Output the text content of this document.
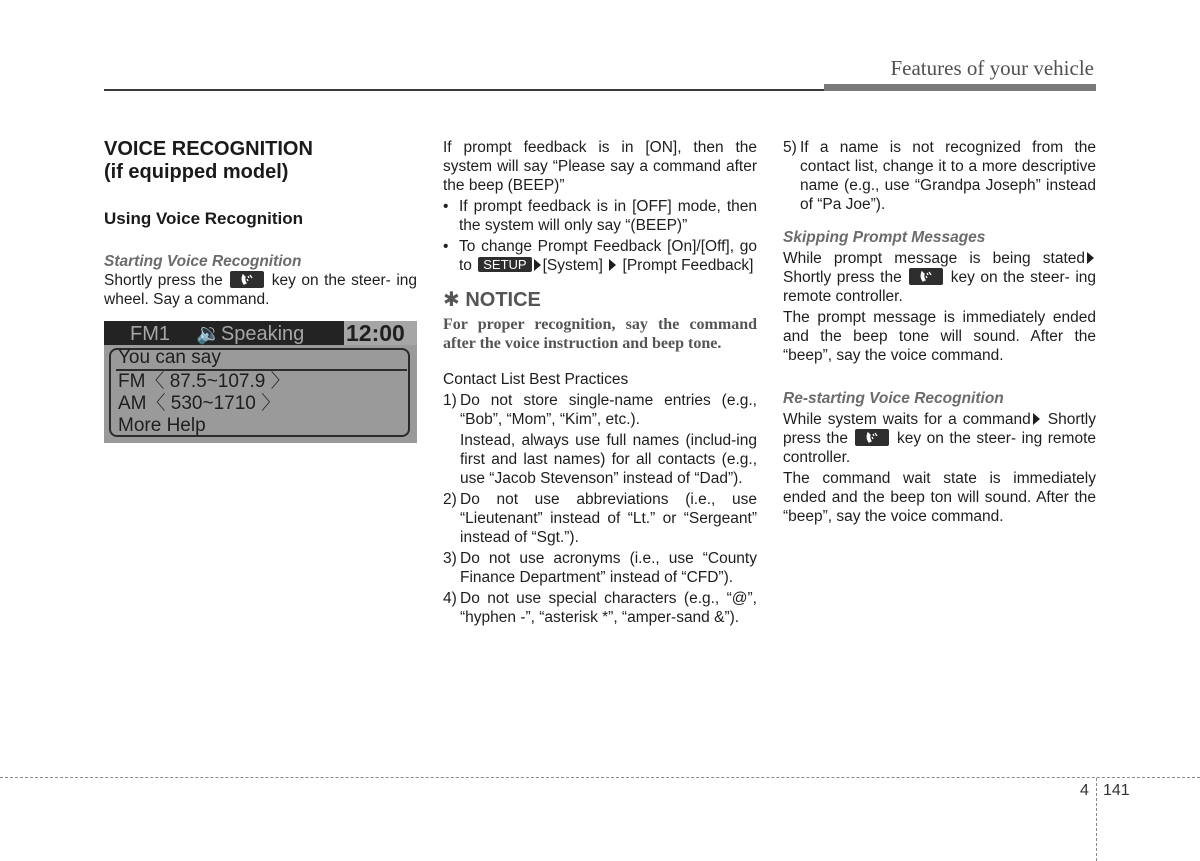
Features of your vehicle
VOICE RECOGNITION
(if equipped model)
Using Voice Recognition
Starting Voice Recognition

Shortly press the	key on the steer- ing wheel. Say a command.

FM1 🔉Speaking 12:00
You can say
FM〈 87.5~107.9 〉
AM〈 530~1710 〉
More Help

If prompt feedback is in [ON], then the system will say “Please say a command after the beep (BEEP)”

• If prompt feedback is in [OFF] mode, then the system will only say “(BEEP)”
• To change Prompt Feedback [On]/[Off], go to SETUP [System] [Prompt Feedback]
✱ NOTICE
For proper recognition, say the command after the voice instruction and beep tone.
Contact List Best Practices
1) Do not store single-name entries (e.g., “Bob”, “Mom”, “Kim”, etc.).
Instead, always use full names (includ-ing first and last names) for all contacts (e.g., use “Jacob Stevenson” instead of “Dad”).
2) Do not use abbreviations (i.e., use “Lieutenant” instead of “Lt.” or “Sergeant” instead of “Sgt.”).
3) Do not use acronyms (i.e., use “County Finance Department” instead of “CFD”).
4) Do not use special characters (e.g., “@”, “hyphen -”, “asterisk *”, “amper-sand &”).
5) If a name is not recognized from the contact list, change it to a more descriptive name (e.g., use “Grandpa Joseph” instead of “Pa Joe”).
Skipping Prompt Messages

While prompt message is being stated Shortly press the	key on the steer- ing remote controller.

The prompt message is immediately ended and the beep tone will sound. After the “beep”, say the voice command.

Re-starting Voice Recognition

While system waits for a command Shortly press the	key on the steer- ing remote controller.

The command wait state is immediately ended and the beep ton will sound. After the “beep”, say the voice command.

4 141
